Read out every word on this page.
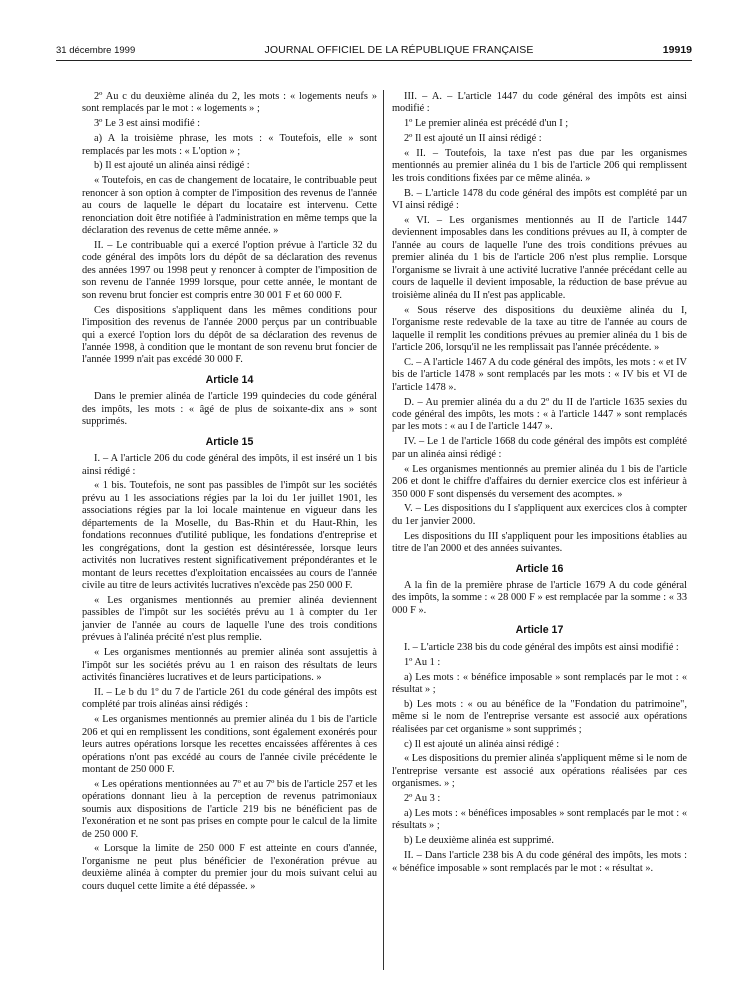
31 décembre 1999	JOURNAL OFFICIEL DE LA RÉPUBLIQUE FRANÇAISE	19919

2º Au c du deuxième alinéa du 2, les mots : « logements neufs » sont remplacés par le mot : « logements » ;

3º Le 3 est ainsi modifié :

a) A la troisième phrase, les mots : « Toutefois, elle » sont remplacés par les mots : « L'option » ;

b) Il est ajouté un alinéa ainsi rédigé :

« Toutefois, en cas de changement de locataire, le contribuable peut renoncer à son option à compter de l'imposition des revenus de l'année au cours de laquelle le départ du locataire est intervenu. Cette renonciation doit être notifiée à l'administration en même temps que la déclaration des revenus de cette même année. »

II. – Le contribuable qui a exercé l'option prévue à l'article 32 du code général des impôts lors du dépôt de sa déclaration des revenus des années 1997 ou 1998 peut y renoncer à compter de l'imposition de son revenu de l'année 1999 lorsque, pour cette année, le montant de son revenu brut foncier est compris entre 30 001 F et 60 000 F.

Ces dispositions s'appliquent dans les mêmes conditions pour l'imposition des revenus de l'année 2000 perçus par un contribuable qui a exercé l'option lors du dépôt de sa déclaration des revenus de l'année 1998, à condition que le montant de son revenu brut foncier de l'année 1999 n'ait pas excédé 30 000 F.

Article 14

Dans le premier alinéa de l'article 199 quindecies du code général des impôts, les mots : « âgé de plus de soixante-dix ans » sont supprimés.

Article 15

I. – A l'article 206 du code général des impôts, il est inséré un 1 bis ainsi rédigé :

« 1 bis. Toutefois, ne sont pas passibles de l'impôt sur les sociétés prévu au 1 les associations régies par la loi du 1er juillet 1901, les associations régies par la loi locale maintenue en vigueur dans les départements de la Moselle, du Bas-Rhin et du Haut-Rhin, les fondations reconnues d'utilité publique, les fondations d'entreprise et les congrégations, dont la gestion est désintéressée, lorsque leurs activités non lucratives restent significativement prépondérantes et le montant de leurs recettes d'exploitation encaissées au cours de l'année civile au titre de leurs activités lucratives n'excède pas 250 000 F.

« Les organismes mentionnés au premier alinéa deviennent passibles de l'impôt sur les sociétés prévu au 1 à compter du 1er janvier de l'année au cours de laquelle l'une des trois conditions prévues à l'alinéa précité n'est plus remplie.

« Les organismes mentionnés au premier alinéa sont assujettis à l'impôt sur les sociétés prévu au 1 en raison des résultats de leurs activités financières lucratives et de leurs participations. »

II. – Le b du 1º du 7 de l'article 261 du code général des impôts est complété par trois alinéas ainsi rédigés :

« Les organismes mentionnés au premier alinéa du 1 bis de l'article 206 et qui en remplissent les conditions, sont également exonérés pour leurs autres opérations lorsque les recettes encaissées afférentes à ces opérations n'ont pas excédé au cours de l'année civile précédente le montant de 250 000 F.

« Les opérations mentionnées au 7º et au 7º bis de l'article 257 et les opérations donnant lieu à la perception de revenus patrimoniaux soumis aux dispositions de l'article 219 bis ne bénéficient pas de l'exonération et ne sont pas prises en compte pour le calcul de la limite de 250 000 F.

« Lorsque la limite de 250 000 F est atteinte en cours d'année, l'organisme ne peut plus bénéficier de l'exonération prévue au deuxième alinéa à compter du premier jour du mois suivant celui au cours duquel cette limite a été dépassée. »

III. – A. – L'article 1447 du code général des impôts est ainsi modifié :

1º Le premier alinéa est précédé d'un I ;

2º Il est ajouté un II ainsi rédigé :

« II. – Toutefois, la taxe n'est pas due par les organismes mentionnés au premier alinéa du 1 bis de l'article 206 qui remplissent les trois conditions fixées par ce même alinéa. »

B. – L'article 1478 du code général des impôts est complété par un VI ainsi rédigé :

« VI. – Les organismes mentionnés au II de l'article 1447 deviennent imposables dans les conditions prévues au II, à compter de l'année au cours de laquelle l'une des trois conditions prévues au premier alinéa du 1 bis de l'article 206 n'est plus remplie. Lorsque l'organisme se livrait à une activité lucrative l'année précédant celle au cours de laquelle il devient imposable, la réduction de base prévue au troisième alinéa du II n'est pas applicable.

« Sous réserve des dispositions du deuxième alinéa du I, l'organisme reste redevable de la taxe au titre de l'année au cours de laquelle il remplit les conditions prévues au premier alinéa du 1 bis de l'article 206, lorsqu'il ne les remplissait pas l'année précédente. »

C. – A l'article 1467 A du code général des impôts, les mots : « et IV bis de l'article 1478 » sont remplacés par les mots : « IV bis et VI de l'article 1478 ».

D. – Au premier alinéa du a du 2º du II de l'article 1635 sexies du code général des impôts, les mots : « à l'article 1447 » sont remplacés par les mots : « au I de l'article 1447 ».

IV. – Le 1 de l'article 1668 du code général des impôts est complété par un alinéa ainsi rédigé :

« Les organismes mentionnés au premier alinéa du 1 bis de l'article 206 et dont le chiffre d'affaires du dernier exercice clos est inférieur à 350 000 F sont dispensés du versement des acomptes. »

V. – Les dispositions du I s'appliquent aux exercices clos à compter du 1er janvier 2000.

Les dispositions du III s'appliquent pour les impositions établies au titre de l'an 2000 et des années suivantes.

Article 16

A la fin de la première phrase de l'article 1679 A du code général des impôts, la somme : « 28 000 F » est remplacée par la somme : « 33 000 F ».

Article 17

I. – L'article 238 bis du code général des impôts est ainsi modifié :

1º Au 1 :

a) Les mots : « bénéfice imposable » sont remplacés par le mot : « résultat » ;

b) Les mots : « ou au bénéfice de la "Fondation du patrimoine", même si le nom de l'entreprise versante est associé aux opérations réalisées par cet organisme » sont supprimés ;

c) Il est ajouté un alinéa ainsi rédigé :

« Les dispositions du premier alinéa s'appliquent même si le nom de l'entreprise versante est associé aux opérations réalisées par ces organismes. » ;

2º Au 3 :

a) Les mots : « bénéfices imposables » sont remplacés par le mot : « résultats » ;

b) Le deuxième alinéa est supprimé.

II. – Dans l'article 238 bis A du code général des impôts, les mots : « bénéfice imposable » sont remplacés par le mot : « résultat ».
